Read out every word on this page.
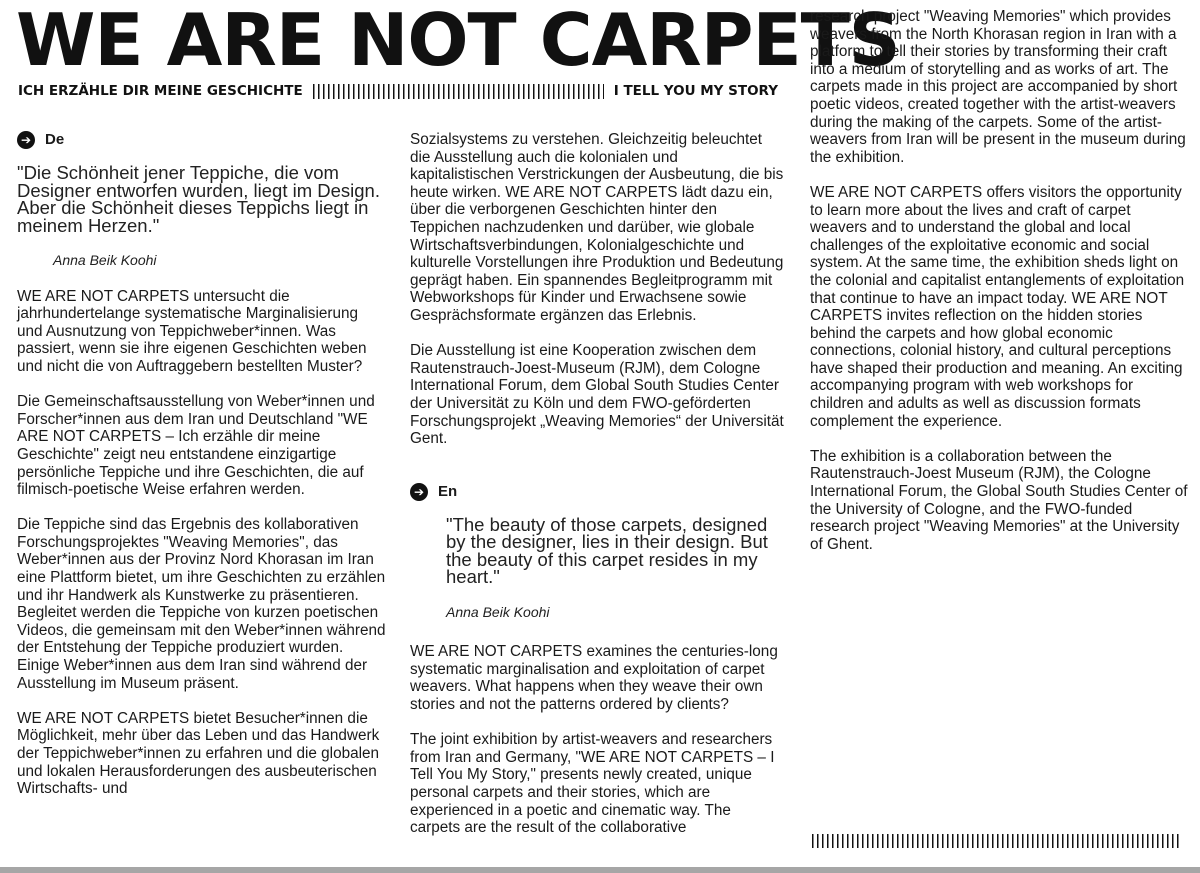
WE ARE NOT CARPETS
ICH ERZÄHLE DIR MEINE GESCHICHTE	I TELL YOU MY STORY
➔ De

"Die Schönheit jener Teppiche, die vom Designer entworfen wurden, liegt im Design. Aber die Schönheit dieses Teppichs liegt in meinem Herzen."

Anna Beik Koohi

WE ARE NOT CARPETS untersucht die jahrhundertelange systematische Marginalisierung und Ausnutzung von Teppichweber*innen. Was passiert, wenn sie ihre eigenen Geschichten weben und nicht die von Auftraggebern bestellten Muster?

Die Gemeinschaftsausstellung von Weber*innen und Forscher*innen aus dem Iran und Deutschland "WE ARE NOT CARPETS – Ich erzähle dir meine Geschichte" zeigt neu entstandene einzigartige persönliche Teppiche und ihre Geschichten, die auf filmisch-poetische Weise erfahren werden.

Die Teppiche sind das Ergebnis des kollaborativen Forschungsprojektes "Weaving Memories", das Weber*innen aus der Provinz Nord Khorasan im Iran eine Plattform bietet, um ihre Geschichten zu erzählen und ihr Handwerk als Kunstwerke zu präsentieren. Begleitet werden die Teppiche von kurzen poetischen Videos, die gemeinsam mit den Weber*innen während der Entstehung der Teppiche produziert wurden. Einige Weber*innen aus dem Iran sind während der Ausstellung im Museum präsent.

WE ARE NOT CARPETS bietet Besucher*innen die Möglichkeit, mehr über das Leben und das Handwerk der Teppichweber*innen zu erfahren und die globalen und lokalen Herausforderungen des ausbeuterischen Wirtschafts- und

Sozialsystems zu verstehen. Gleichzeitig beleuchtet die Ausstellung auch die kolonialen und kapitalistischen Verstrickungen der Ausbeutung, die bis heute wirken. WE ARE NOT CARPETS lädt dazu ein, über die verborgenen Geschichten hinter den Teppichen nachzudenken und darüber, wie globale Wirtschaftsverbindungen, Kolonialgeschichte und kulturelle Vorstellungen ihre Produktion und Bedeutung geprägt haben. Ein spannendes Begleitprogramm mit Webworkshops für Kinder und Erwachsene sowie Gesprächsformate ergänzen das Erlebnis.

Die Ausstellung ist eine Kooperation zwischen dem Rautenstrauch-Joest-Museum (RJM), dem Cologne International Forum, dem Global South Studies Center der Universität zu Köln und dem FWO-geförderten Forschungsprojekt „Weaving Memories“ der Universität Gent.

➔ En

"The beauty of those carpets, designed by the designer, lies in their design. But the beauty of this carpet resides in my heart."

Anna Beik Koohi

WE ARE NOT CARPETS examines the centuries-long systematic marginalisation and exploitation of carpet weavers. What happens when they weave their own stories and not the patterns ordered by clients?

The joint exhibition by artist-weavers and researchers from Iran and Germany, "WE ARE NOT CARPETS – I Tell You My Story," presents newly created, unique personal carpets and their stories, which are experienced in a poetic and cinematic way. The carpets are the result of the collaborative

research project "Weaving Memories" which provides weavers from the North Khorasan region in Iran with a platform to tell their stories by transforming their craft into a medium of storytelling and as works of art. The carpets made in this project are accompanied by short poetic videos, created together with the artist-weavers during the making of the carpets. Some of the artist-weavers from Iran will be present in the museum during the exhibition.

WE ARE NOT CARPETS offers visitors the opportunity to learn more about the lives and craft of carpet weavers and to understand the global and local challenges of the exploitative economic and social system. At the same time, the exhibition sheds light on the colonial and capitalist entanglements of exploitation that continue to have an impact today. WE ARE NOT CARPETS invites reflection on the hidden stories behind the carpets and how global economic connections, colonial history, and cultural perceptions have shaped their production and meaning. An exciting accompanying program with web workshops for children and adults as well as discussion formats complement the experience.

The exhibition is a collaboration between the Rautenstrauch-Joest Museum (RJM), the Cologne International Forum, the Global South Studies Center of the University of Cologne, and the FWO-funded research project "Weaving Memories" at the University of Ghent.
